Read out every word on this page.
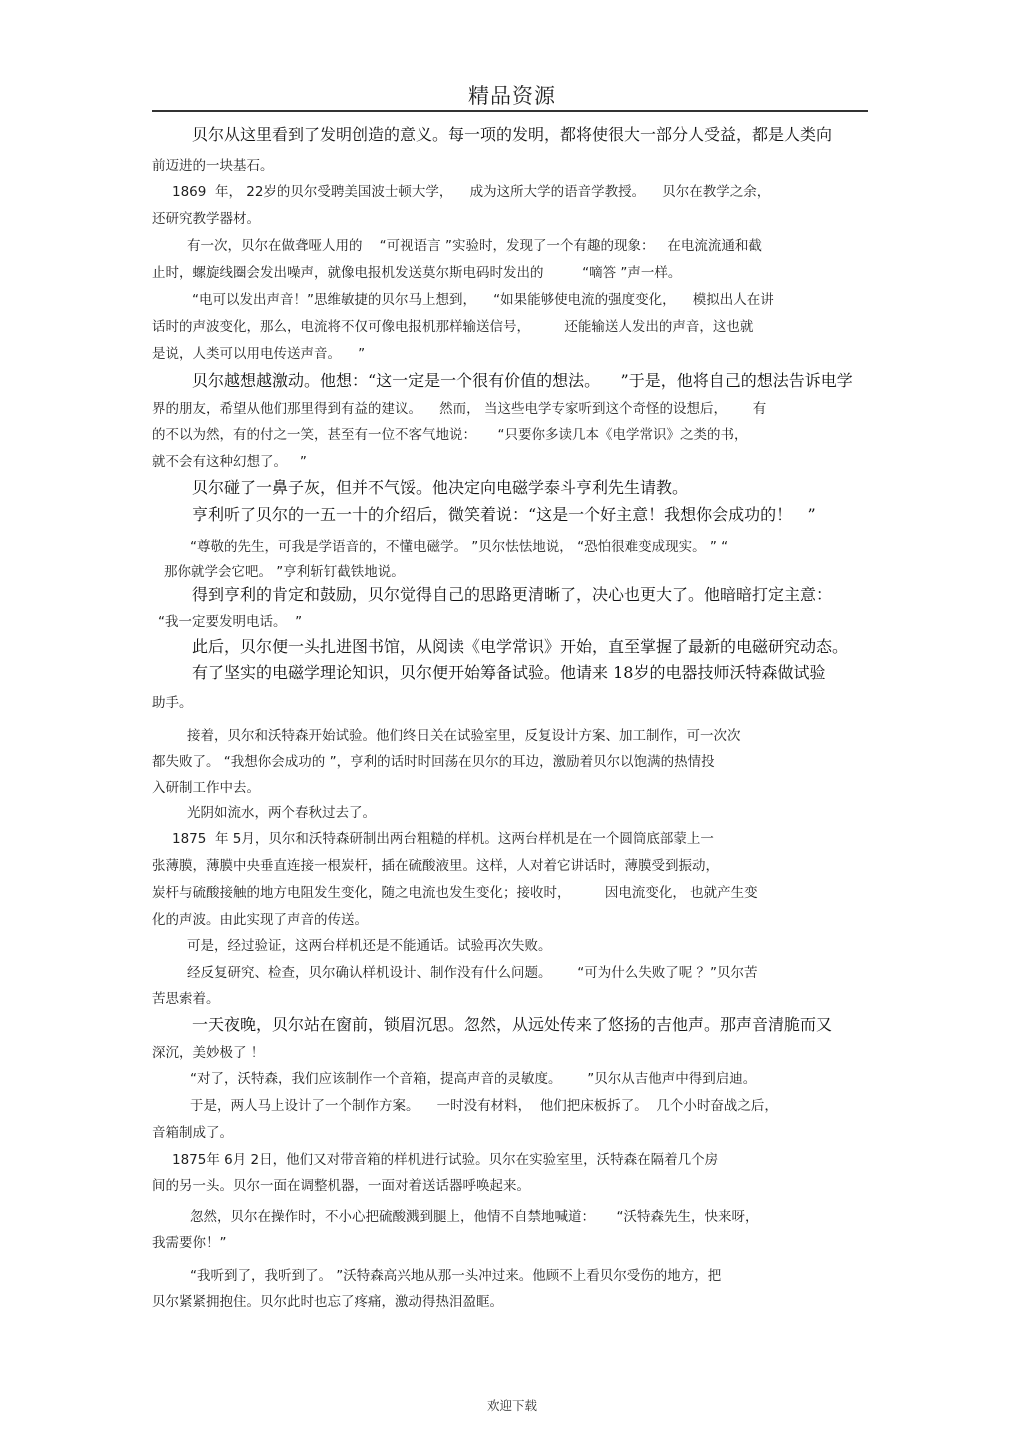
精品资源
贝尔从这里看到了发明创造的意义。每一项的发明，都将使很大一部分人受益，都是人类向
前迈进的一块基石。
1869  年， 22岁的贝尔受聘美国波士顿大学，    成为这所大学的语音学教授。    贝尔在教学之余，
还研究教学器材。
有一次，贝尔在做聋哑人用的    “可视语言 ”实验时，发现了一个有趣的现象：   在电流流通和截
止时，螺旋线圈会发出噪声，就像电报机发送莫尔斯电码时发出的         “嘀答 ”声一样。
“电可以发出声音！”思维敏捷的贝尔马上想到，    “如果能够使电流的强度变化，    模拟出人在讲
话时的声波变化，那么，电流将不仅可像电报机那样输送信号，        还能输送人发出的声音，这也就
是说，人类可以用电传送声音。    ”
贝尔越想越激动。他想：“这一定是一个很有价值的想法。    ”于是，他将自己的想法告诉电学
界的朋友，希望从他们那里得到有益的建议。    然而， 当这些电学专家听到这个奇怪的设想后，      有
的不以为然，有的付之一笑，甚至有一位不客气地说：     “只要你多读几本《电学常识》之类的书，
就不会有这种幻想了。   ”
贝尔碰了一鼻子灰，但并不气馁。他决定向电磁学泰斗亨利先生请教。
亨利听了贝尔的一五一十的介绍后，微笑着说：“这是一个好主意！我想你会成功的！   ”
“尊敬的先生，可我是学语音的，不懂电磁学。 ”贝尔怯怯地说， “恐怕很难变成现实。 ” “
那你就学会它吧。 ”亨利斩钉截铁地说。
得到亨利的肯定和鼓励，贝尔觉得自己的思路更清晰了，决心也更大了。他暗暗打定主意：
“我一定要发明电话。  ”
此后，贝尔便一头扎进图书馆，从阅读《电学常识》开始，直至掌握了最新的电磁研究动态。
有了坚实的电磁学理论知识，贝尔便开始筹备试验。他请来 18岁的电器技师沃特森做试验
助手。
接着，贝尔和沃特森开始试验。他们终日关在试验室里，反复设计方案、加工制作，可一次次
都失败了。 “我想你会成功的 ”，亨利的话时时回荡在贝尔的耳边，激励着贝尔以饱满的热情投
入研制工作中去。
光阴如流水，两个春秋过去了。
1875  年 5月，贝尔和沃特森研制出两台粗糙的样机。这两台样机是在一个圆筒底部蒙上一
张薄膜，薄膜中央垂直连接一根炭杆，插在硫酸液里。这样，人对着它讲话时，薄膜受到振动，
炭杆与硫酸接触的地方电阻发生变化，随之电流也发生变化；接收时，        因电流变化， 也就产生变
化的声波。由此实现了声音的传送。
可是，经过验证，这两台样机还是不能通话。试验再次失败。
经反复研究、检查，贝尔确认样机设计、制作没有什么问题。      “可为什么失败了呢 ？”贝尔苦
苦思索着。
一天夜晚，贝尔站在窗前，锁眉沉思。忽然，从远处传来了悠扬的吉他声。那声音清脆而又
深沉，美妙极了 ！
“对了，沃特森，我们应该制作一个音箱，提高声音的灵敏度。      ”贝尔从吉他声中得到启迪。
于是，两人马上设计了一个制作方案。    一时没有材料，  他们把床板拆了。  几个小时奋战之后，
音箱制成了。
1875年 6月 2日，他们又对带音箱的样机进行试验。贝尔在实验室里，沃特森在隔着几个房
间的另一头。贝尔一面在调整机器，一面对着送话器呼唤起来。
忽然，贝尔在操作时，不小心把硫酸溅到腿上，他情不自禁地喊道：     “沃特森先生，快来呀，
我需要你！”
“我听到了，我听到了。 ”沃特森高兴地从那一头冲过来。他顾不上看贝尔受伤的地方，把
贝尔紧紧拥抱住。贝尔此时也忘了疼痛，激动得热泪盈眶。
欢迎下载
